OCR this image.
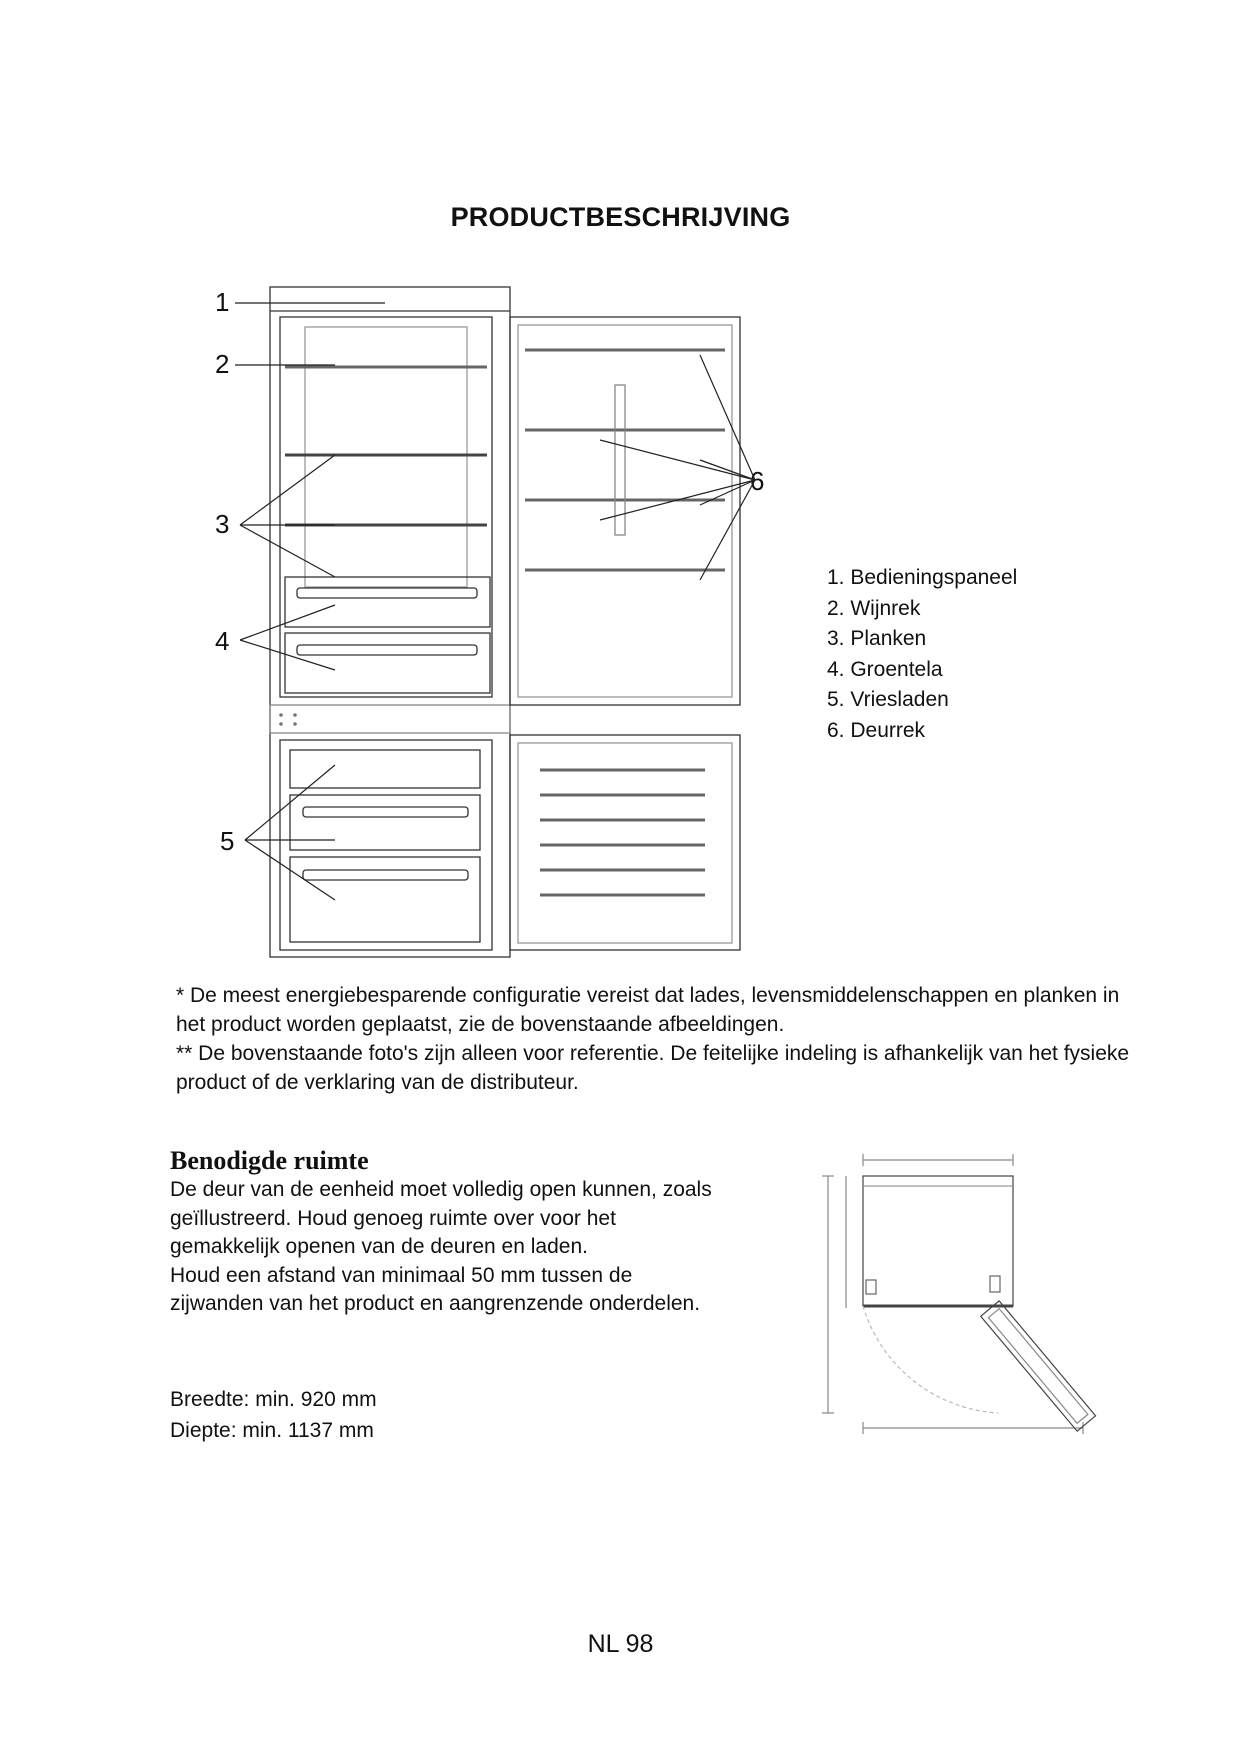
PRODUCTBESCHRIJVING
1
2
3
4
5
6
1. Bedieningspaneel
2. Wijnrek
3. Planken
4. Groentela
5. Vriesladen
6. Deurrek

* De meest energiebesparende configuratie vereist dat lades, levensmiddelenschappen en planken in het product worden geplaatst, zie de bovenstaande afbeeldingen.

** De bovenstaande foto's zijn alleen voor referentie. De feitelijke indeling is afhankelijk van het fysieke product of de verklaring van de distributeur.

Benodigde ruimte

De deur van de eenheid moet volledig open kunnen, zoals geïllustreerd. Houd genoeg ruimte over voor het gemakkelijk openen van de deuren en laden.

Houd een afstand van minimaal 50 mm tussen de zijwanden van het product en aangrenzende onderdelen.

Breedte: min. 920 mm

Diepte: min. 1137 mm

NL 98
